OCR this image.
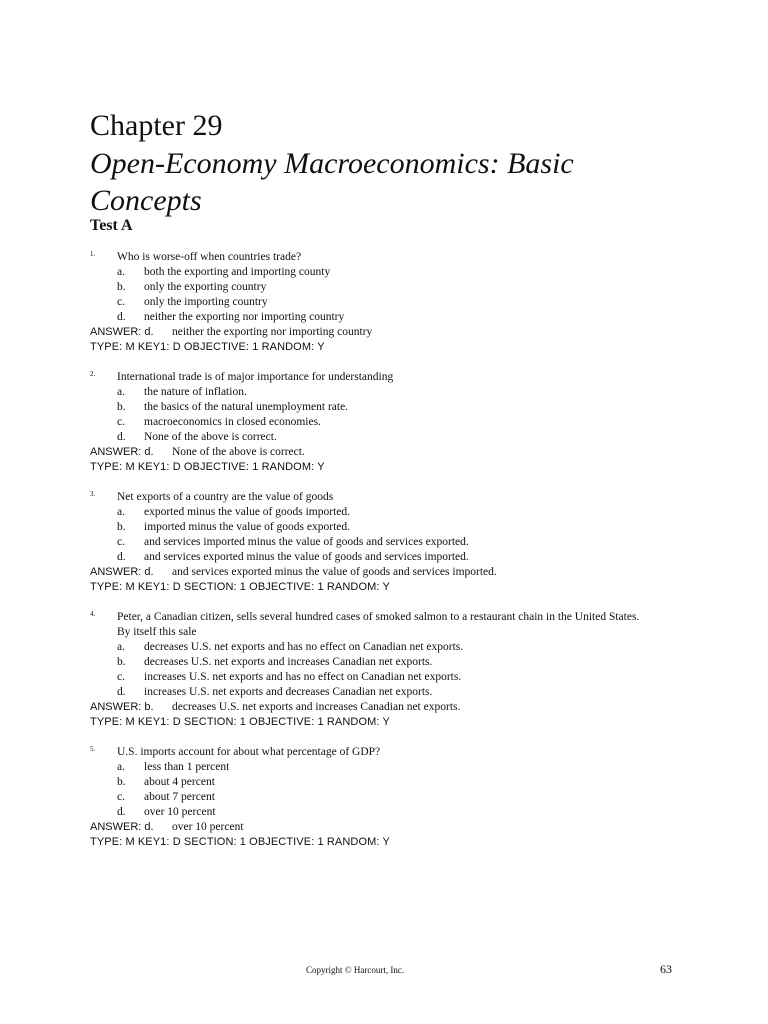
Chapter 29
Open-Economy Macroeconomics: Basic Concepts
Test A
1.	Who is worse-off when countries trade?
a. both the exporting and importing county
b. only the exporting country
c. only the importing country
d. neither the exporting nor importing country
ANSWER: d. neither the exporting nor importing country
TYPE: M KEY1: D OBJECTIVE: 1 RANDOM: Y
2.	International trade is of major importance for understanding
a. the nature of inflation.
b. the basics of the natural unemployment rate.
c. macroeconomics in closed economies.
d. None of the above is correct.
ANSWER: d. None of the above is correct.
TYPE: M KEY1: D OBJECTIVE: 1 RANDOM: Y
3.	Net exports of a country are the value of goods
a. exported minus the value of goods imported.
b. imported minus the value of goods exported.
c. and services imported minus the value of goods and services exported.
d. and services exported minus the value of goods and services imported.
ANSWER: d. and services exported minus the value of goods and services imported.
TYPE: M KEY1: D SECTION: 1 OBJECTIVE: 1 RANDOM: Y
4.	Peter, a Canadian citizen, sells several hundred cases of smoked salmon to a restaurant chain in the United States. By itself this sale
a. decreases U.S. net exports and has no effect on Canadian net exports.
b. decreases U.S. net exports and increases Canadian net exports.
c. increases U.S. net exports and has no effect on Canadian net exports.
d. increases U.S. net exports and decreases Canadian net exports.
ANSWER: b. decreases U.S. net exports and increases Canadian net exports.
TYPE: M KEY1: D SECTION: 1 OBJECTIVE: 1 RANDOM: Y
5.	U.S. imports account for about what percentage of GDP?
a. less than 1 percent
b. about 4 percent
c. about 7 percent
d. over 10 percent
ANSWER: d. over 10 percent
TYPE: M KEY1: D SECTION: 1 OBJECTIVE: 1 RANDOM: Y
Copyright © Harcourt, Inc.	63
